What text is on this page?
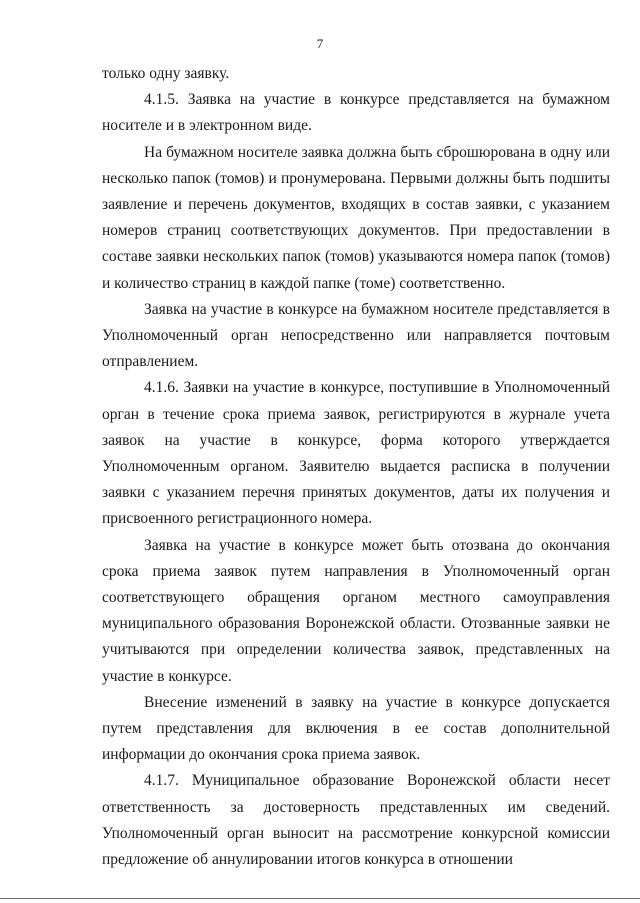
7

только одну заявку.

4.1.5. Заявка на участие в конкурсе представляется на бумажном носителе и в электронном виде.

На бумажном носителе заявка должна быть сброшюрована в одну или несколько папок (томов) и пронумерована. Первыми должны быть подшиты заявление и перечень документов, входящих в состав заявки, с указанием номеров страниц соответствующих документов. При предоставлении в составе заявки нескольких папок (томов) указываются номера папок (томов) и количество страниц в каждой папке (томе) соответственно.

Заявка на участие в конкурсе на бумажном носителе представляется в Уполномоченный орган непосредственно или направляется почтовым отправлением.

4.1.6. Заявки на участие в конкурсе, поступившие в Уполномоченный орган в течение срока приема заявок, регистрируются в журнале учета заявок на участие в конкурсе, форма которого утверждается Уполномоченным органом. Заявителю выдается расписка в получении заявки с указанием перечня принятых документов, даты их получения и присвоенного регистрационного номера.

Заявка на участие в конкурсе может быть отозвана до окончания срока приема заявок путем направления в Уполномоченный орган соответствующего обращения органом местного самоуправления муниципального образования Воронежской области. Отозванные заявки не учитываются при определении количества заявок, представленных на участие в конкурсе.

Внесение изменений в заявку на участие в конкурсе допускается путем представления для включения в ее состав дополнительной информации до окончания срока приема заявок.

4.1.7. Муниципальное образование Воронежской области несет ответственность за достоверность представленных им сведений. Уполномоченный орган выносит на рассмотрение конкурсной комиссии предложение об аннулировании итогов конкурса в отношении
